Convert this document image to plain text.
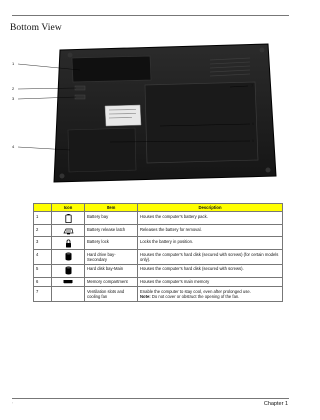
Bottom View
1
2
3
4
5
6
7
	Icon	Item	Description
1		Battery bay	Houses the computer's battery pack.
2		Battery release latch	Releases the battery for removal.
3		Battery lock	Locks the battery in position.
4		Hard drive bay-Secondary	Houses the computer's hard disk (secured with screws) (for certain models only).
5		Hard disk bay-Main	Houses the computer's hard disk (secured with screws).
6		Memory compartment	Houses the computer's main memory
7		Ventilation slots and cooling fan	Enable the computer to stay cool, even after prolonged use.
Note: Do not cover or obstruct the opening of the fan.
'	Chapter 1
